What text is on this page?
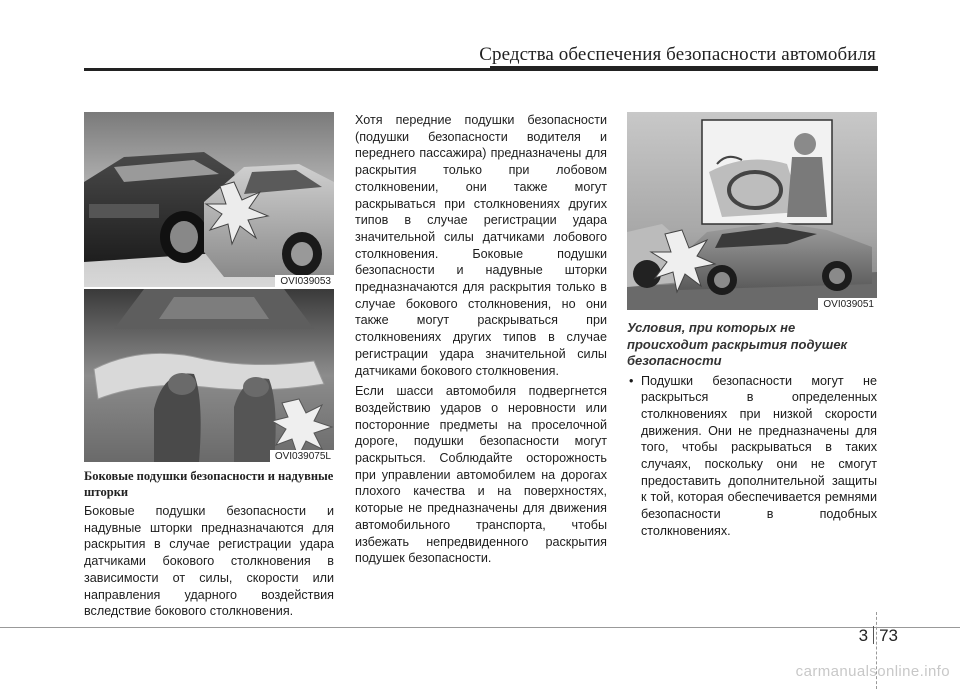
Средства обеспечения безопасности автомобиля
OVI039053
OVI039075L
Боковые подушки безопасности и надувные шторки
Боковые подушки безопасности и надувные шторки предназначаются для раскрытия в случае регистрации удара датчиками бокового столкновения в зависимости от силы, скорости или направления ударного воздействия вследствие бокового столкновения.
Хотя передние подушки безопасности (подушки безопасности водителя и переднего пассажира) предназначены для раскрытия только при лобовом столкновении, они также могут раскрываться при столкновениях других типов в случае регистрации удара значительной силы датчиками лобового столкновения. Боковые подушки безопасности и надувные шторки предназначаются для раскрытия только в случае бокового столкновения, но они также могут раскрываться при столкновениях других типов в случае регистрации удара значительной силы датчиками бокового столкновения.
Если шасси автомобиля подвергнется воздействию ударов о неровности или посторонние предметы на проселочной дороге, подушки безопасности могут раскрыться. Соблюдайте осторожность при управлении автомобилем на дорогах плохого качества и на поверхностях, которые не предназначены для движения автомобильного транспорта, чтобы избежать непредвиденного раскрытия подушек безопасности.
OVI039051
Условия, при которых не происходит раскрытия подушек безопасности
• Подушки безопасности могут не раскрыться в определенных столкновениях при низкой скорости движения. Они не предназначены для того, чтобы раскрываться в таких случаях, поскольку они не смогут предоставить дополнительной защиты к той, которая обеспечивается ремнями безопасности в подобных столкновениях.
3 73
carmanualsonline.info
